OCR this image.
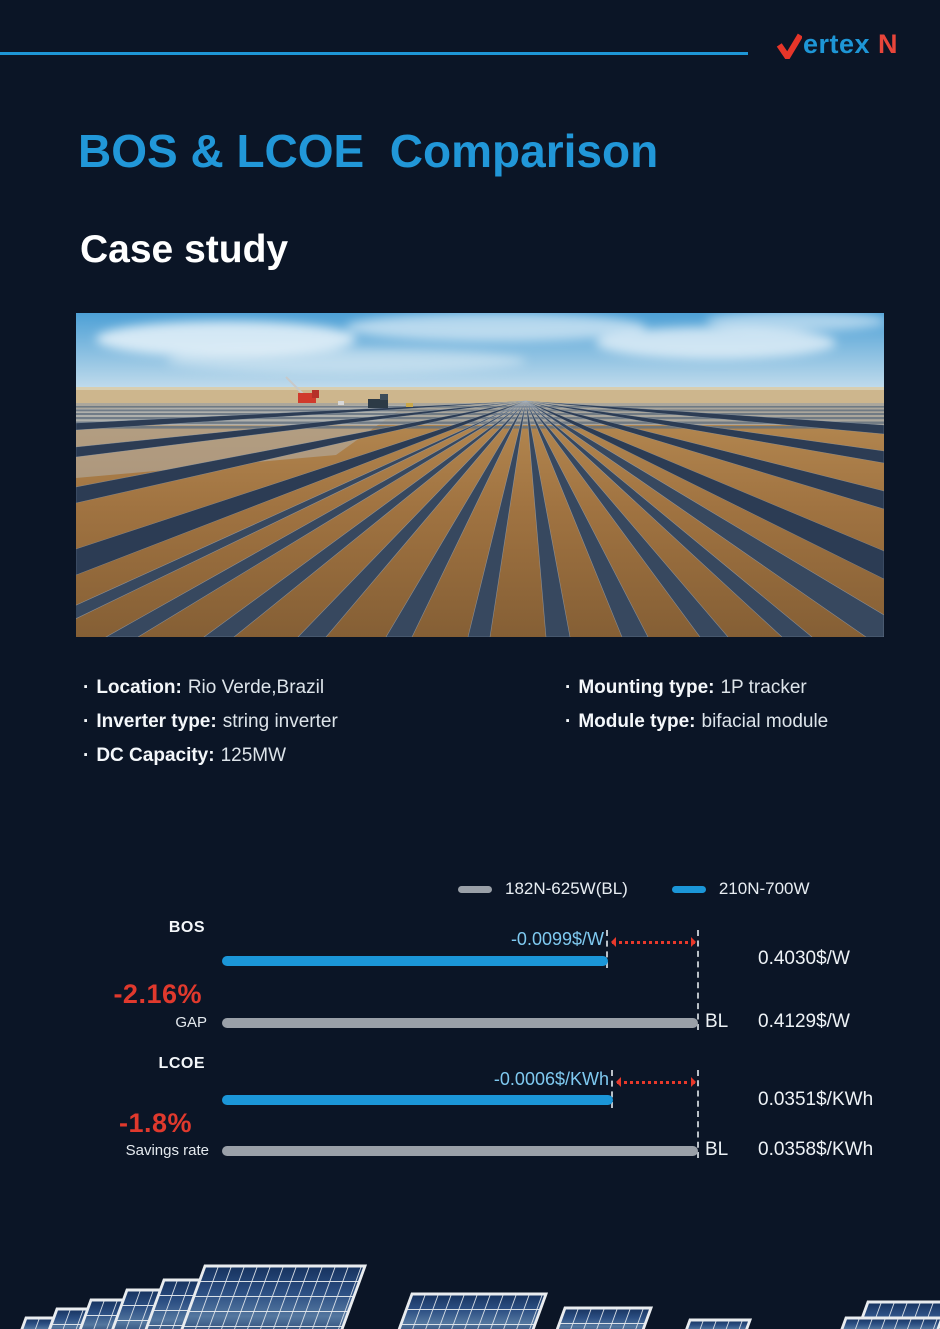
ertex N
BOS & LCOE  Comparison
Case study
· Location: Rio Verde,Brazil
· Inverter type: string inverter
· DC Capacity: 125MW
· Mounting type: 1P tracker
· Module type: bifacial module
182N-625W(BL)	210N-700W
BOS
-0.0099$/W
0.4030$/W
-2.16%
GAP	BL 0.4129$/W
LCOE
-0.0006$/KWh
0.0351$/KWh
-1.8%
Savings rate	BL 0.0358$/KWh
